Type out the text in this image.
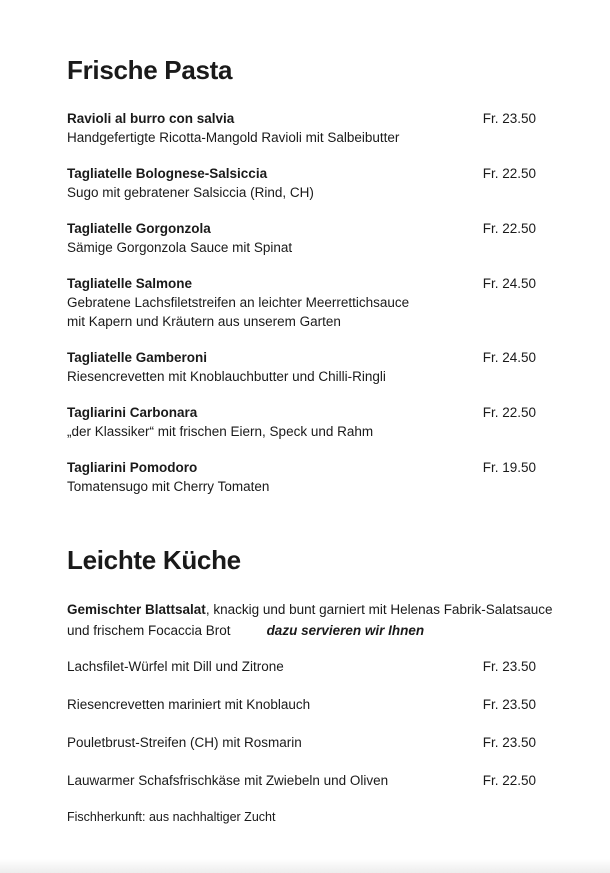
Frische Pasta
Ravioli al burro con salvia	Fr. 23.50
Handgefertigte Ricotta-Mangold Ravioli mit Salbeibutter
Tagliatelle Bolognese-Salsiccia	Fr. 22.50
Sugo mit gebratener Salsiccia (Rind, CH)
Tagliatelle Gorgonzola	Fr. 22.50
Sämige Gorgonzola Sauce mit Spinat
Tagliatelle Salmone	Fr. 24.50
Gebratene Lachsfiletstreifen an leichter Meerrettichsauce
mit Kapern und Kräutern aus unserem Garten
Tagliatelle Gamberoni	Fr. 24.50
Riesencrevetten mit Knoblauchbutter und Chilli-Ringli
Tagliarini Carbonara	Fr. 22.50
„der Klassiker“ mit frischen Eiern, Speck und Rahm
Tagliarini Pomodoro	Fr. 19.50
Tomatensugo mit Cherry Tomaten
Leichte Küche

Gemischter Blattsalat, knackig und bunt garniert mit Helenas Fabrik-Salatsauce
und frischem Focaccia Brot	dazu servieren wir Ihnen

Lachsfilet-Würfel mit Dill und Zitrone	Fr. 23.50
Riesencrevetten mariniert mit Knoblauch	Fr. 23.50
Pouletbrust-Streifen (CH) mit Rosmarin	Fr. 23.50
Lauwarmer Schafsfrischkäse mit Zwiebeln und Oliven	Fr. 22.50

Fischherkunft: aus nachhaltiger Zucht
